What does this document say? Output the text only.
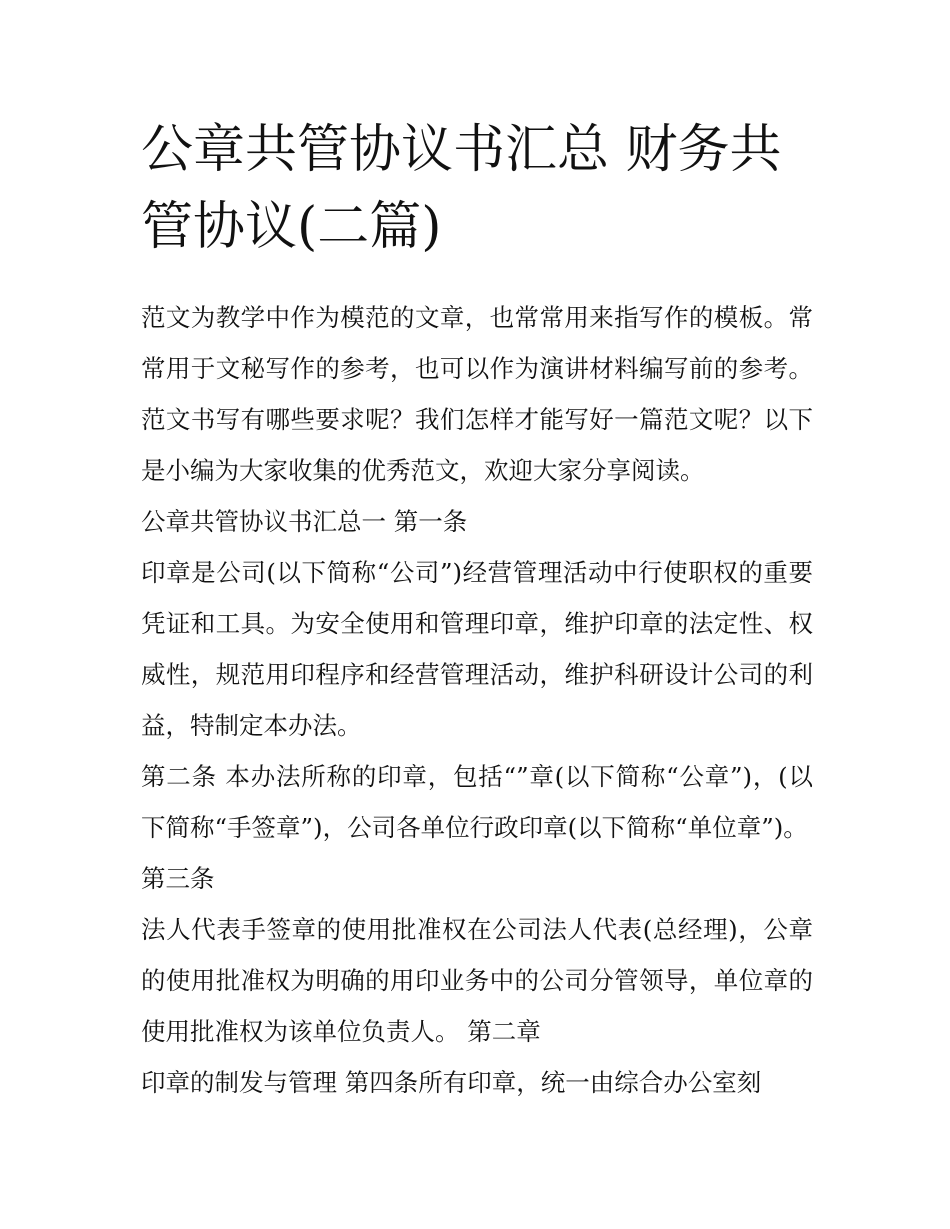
公章共管协议书汇总 财务共管协议(二篇)

范文为教学中作为模范的文章，也常常用来指写作的模板。常常用于文秘写作的参考，也可以作为演讲材料编写前的参考。范文书写有哪些要求呢？我们怎样才能写好一篇范文呢？以下是小编为大家收集的优秀范文，欢迎大家分享阅读。

公章共管协议书汇总一 第一条

印章是公司(以下简称“公司”)经营管理活动中行使职权的重要凭证和工具。为安全使用和管理印章，维护印章的法定性、权威性，规范用印程序和经营管理活动，维护科研设计公司的利益，特制定本办法。

第二条 本办法所称的印章，包括“”章(以下简称“公章”)，(以下简称“手签章”)，公司各单位行政印章(以下简称“单位章”)。

第三条

法人代表手签章的使用批准权在公司法人代表(总经理)，公章的使用批准权为明确的用印业务中的公司分管领导，单位章的使用批准权为该单位负责人。 第二章

印章的制发与管理 第四条所有印章，统一由综合办公室刻
